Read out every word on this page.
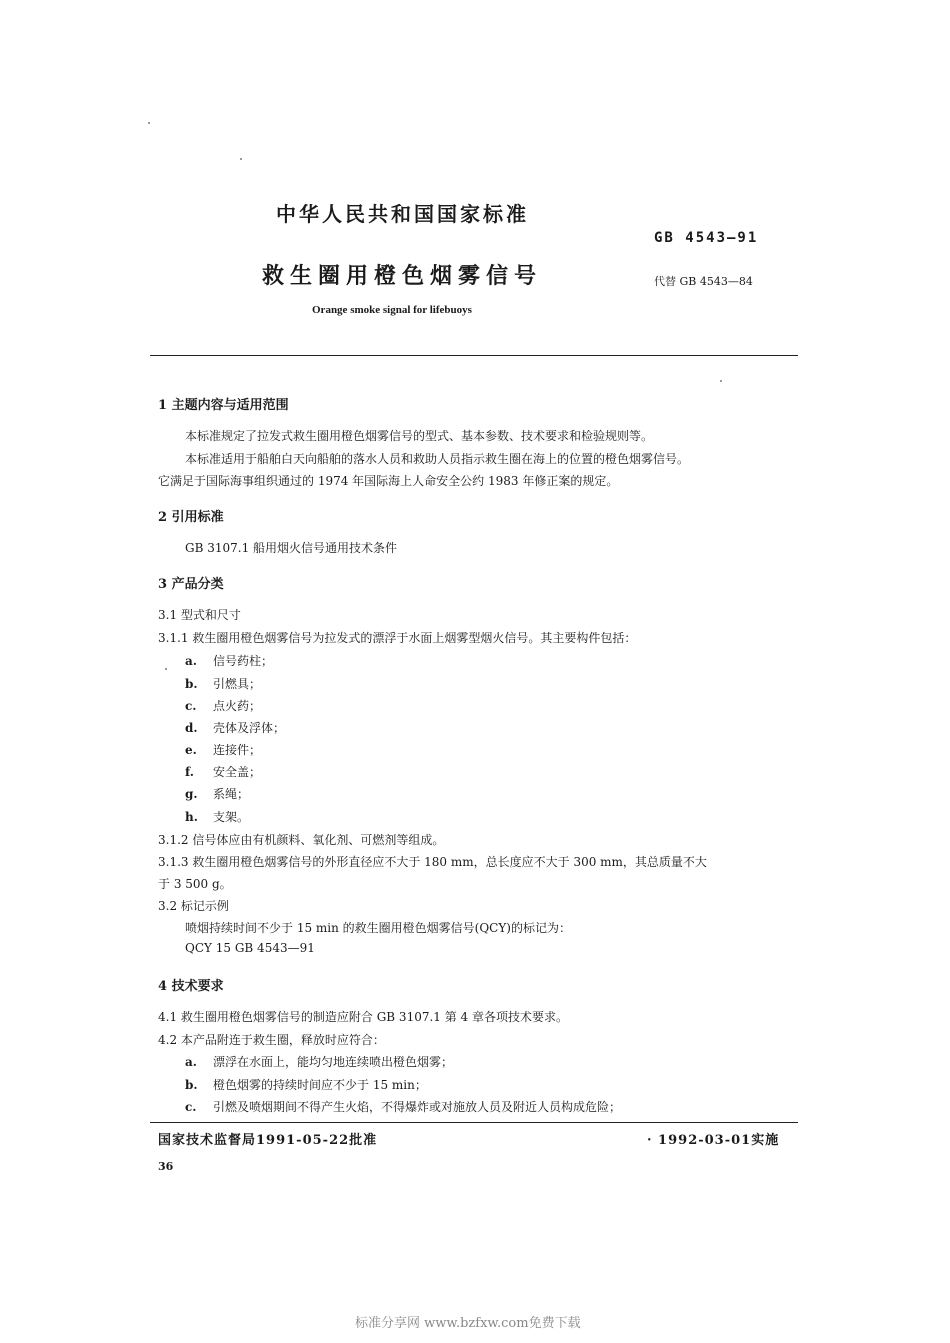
中华人民共和国国家标准
GB 4543—91
救生圈用橙色烟雾信号	代替 GB 4543—84
Orange smoke signal for lifebuoys
1 主题内容与适用范围
本标准规定了拉发式救生圈用橙色烟雾信号的型式、基本参数、技术要求和检验规则等。
本标准适用于船舶白天向船舶的落水人员和救助人员指示救生圈在海上的位置的橙色烟雾信号。
它满足于国际海事组织通过的 1974 年国际海上人命安全公约 1983 年修正案的规定。
2 引用标准
GB 3107.1 船用烟火信号通用技术条件
3 产品分类
3.1 型式和尺寸
3.1.1 救生圈用橙色烟雾信号为拉发式的漂浮于水面上烟雾型烟火信号。其主要构件包括：
a. 信号药柱；
b. 引燃具；
c. 点火药；
d. 壳体及浮体；
e. 连接件；
f. 安全盖；
g. 系绳；
h. 支架。
3.1.2 信号体应由有机颜料、氧化剂、可燃剂等组成。
3.1.3 救生圈用橙色烟雾信号的外形直径应不大于 180 mm，总长度应不大于 300 mm，其总质量不大
于 3 500 g。
3.2 标记示例
喷烟持续时间不少于 15 min 的救生圈用橙色烟雾信号(QCY)的标记为：
QCY 15 GB 4543—91
4 技术要求
4.1 救生圈用橙色烟雾信号的制造应附合 GB 3107.1 第 4 章各项技术要求。
4.2 本产品附连于救生圈，释放时应符合：
a. 漂浮在水面上，能均匀地连续喷出橙色烟雾；
b. 橙色烟雾的持续时间应不少于 15 min；
c. 引燃及喷烟期间不得产生火焰，不得爆炸或对施放人员及附近人员构成危险；
国家技术监督局1991-05-22批准	· 1992-03-01实施
36
标准分享网 www.bzfxw.com免费下载
